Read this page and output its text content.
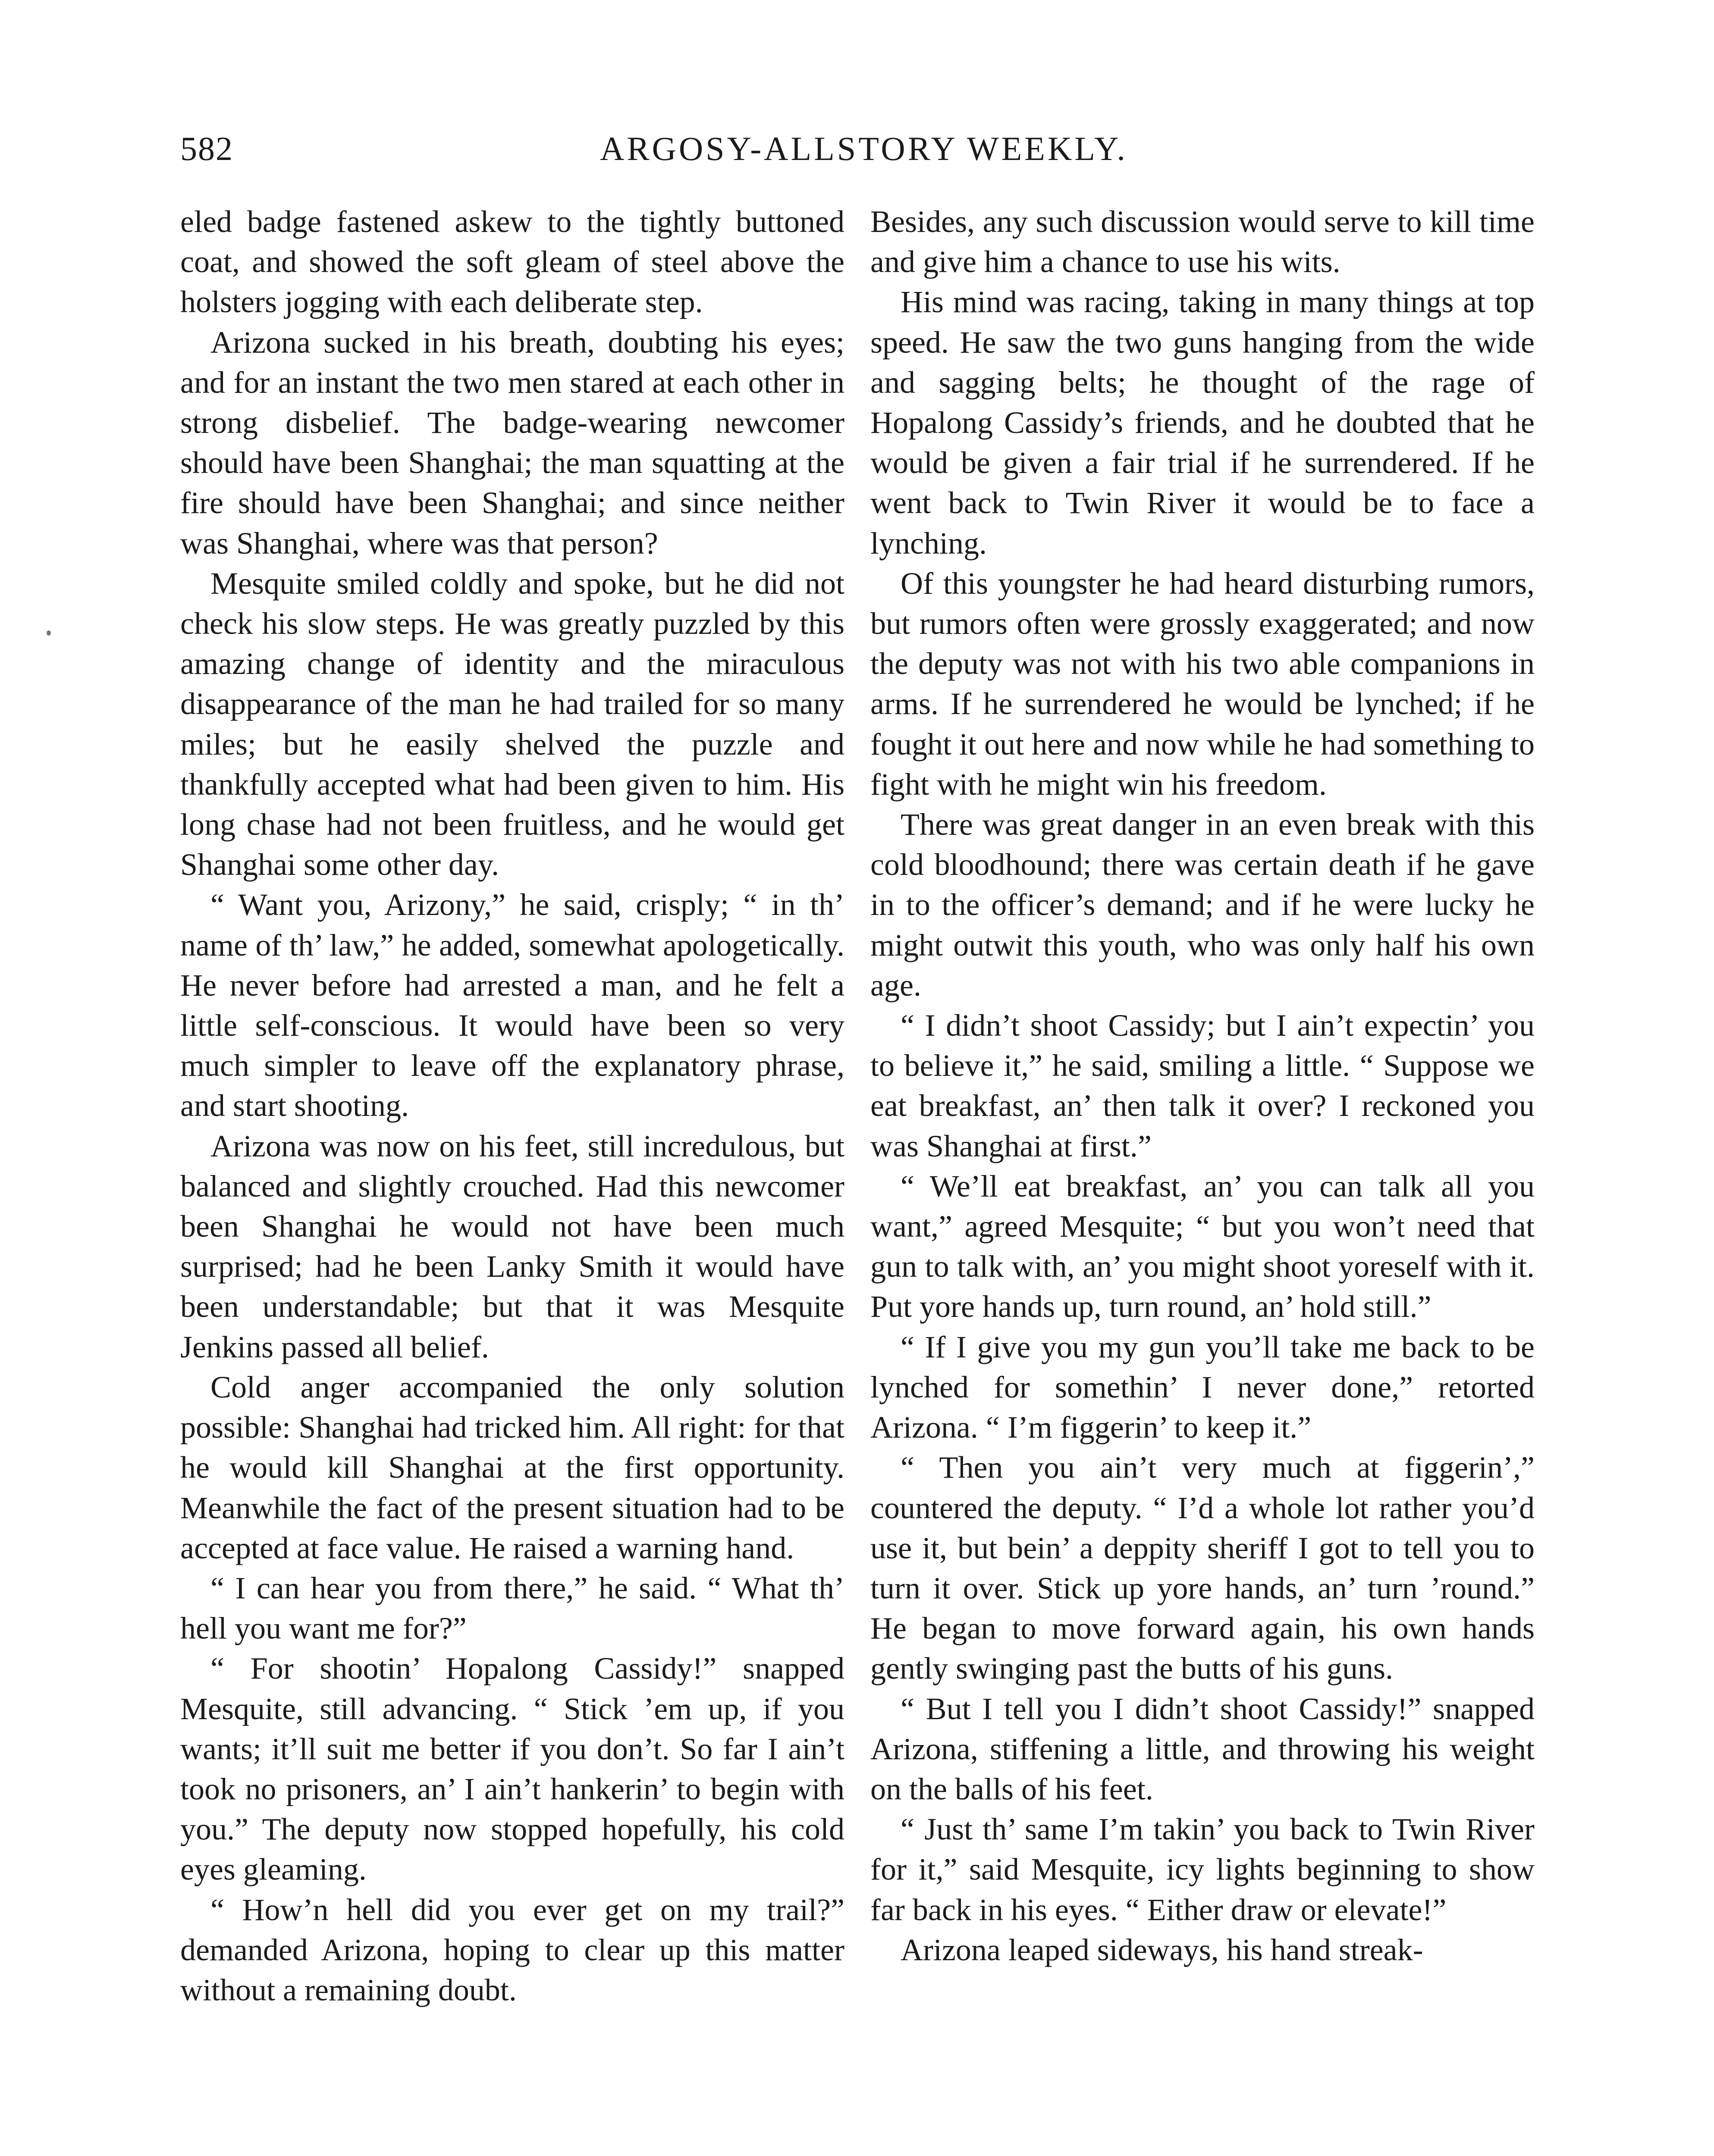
582	ARGOSY-ALLSTORY WEEKLY.

eled badge fastened askew to the tightly buttoned coat, and showed the soft gleam of steel above the holsters jogging with each deliberate step.

Arizona sucked in his breath, doubting his eyes; and for an instant the two men stared at each other in strong disbelief. The badge-wearing newcomer should have been Shanghai; the man squatting at the fire should have been Shanghai; and since neither was Shanghai, where was that person?

Mesquite smiled coldly and spoke, but he did not check his slow steps. He was greatly puzzled by this amazing change of identity and the miraculous disappearance of the man he had trailed for so many miles; but he easily shelved the puzzle and thankfully accepted what had been given to him. His long chase had not been fruitless, and he would get Shanghai some other day.

“ Want you, Arizony,” he said, crisply; “ in th’ name of th’ law,” he added, somewhat apologetically. He never before had arrested a man, and he felt a little self-conscious. It would have been so very much simpler to leave off the explanatory phrase, and start shooting.

Arizona was now on his feet, still incredulous, but balanced and slightly crouched. Had this newcomer been Shanghai he would not have been much surprised; had he been Lanky Smith it would have been understandable; but that it was Mesquite Jenkins passed all belief.

Cold anger accompanied the only solution possible: Shanghai had tricked him. All right: for that he would kill Shanghai at the first opportunity. Meanwhile the fact of the present situation had to be accepted at face value. He raised a warning hand.

“ I can hear you from there,” he said. “ What th’ hell you want me for?”

“ For shootin’ Hopalong Cassidy!” snapped Mesquite, still advancing. “ Stick ’em up, if you wants; it’ll suit me better if you don’t. So far I ain’t took no prisoners, an’ I ain’t hankerin’ to begin with you.” The deputy now stopped hopefully, his cold eyes gleaming.

“ How’n hell did you ever get on my trail?” demanded Arizona, hoping to clear up this matter without a remaining doubt.

Besides, any such discussion would serve to kill time and give him a chance to use his wits.

His mind was racing, taking in many things at top speed. He saw the two guns hanging from the wide and sagging belts; he thought of the rage of Hopalong Cassidy’s friends, and he doubted that he would be given a fair trial if he surrendered. If he went back to Twin River it would be to face a lynching.

Of this youngster he had heard disturbing rumors, but rumors often were grossly exaggerated; and now the deputy was not with his two able companions in arms. If he surrendered he would be lynched; if he fought it out here and now while he had something to fight with he might win his freedom.

There was great danger in an even break with this cold bloodhound; there was certain death if he gave in to the officer’s demand; and if he were lucky he might outwit this youth, who was only half his own age.

“ I didn’t shoot Cassidy; but I ain’t expectin’ you to believe it,” he said, smiling a little. “ Suppose we eat breakfast, an’ then talk it over? I reckoned you was Shanghai at first.”

“ We’ll eat breakfast, an’ you can talk all you want,” agreed Mesquite; “ but you won’t need that gun to talk with, an’ you might shoot yoreself with it. Put yore hands up, turn round, an’ hold still.”

“ If I give you my gun you’ll take me back to be lynched for somethin’ I never done,” retorted Arizona. “ I’m figgerin’ to keep it.”

“ Then you ain’t very much at figgerin’,” countered the deputy. “ I’d a whole lot rather you’d use it, but bein’ a deppity sheriff I got to tell you to turn it over. Stick up yore hands, an’ turn ’round.” He began to move forward again, his own hands gently swinging past the butts of his guns.

“ But I tell you I didn’t shoot Cassidy!” snapped Arizona, stiffening a little, and throwing his weight on the balls of his feet.

“ Just th’ same I’m takin’ you back to Twin River for it,” said Mesquite, icy lights beginning to show far back in his eyes. “ Either draw or elevate!”

Arizona leaped sideways, his hand streak-
